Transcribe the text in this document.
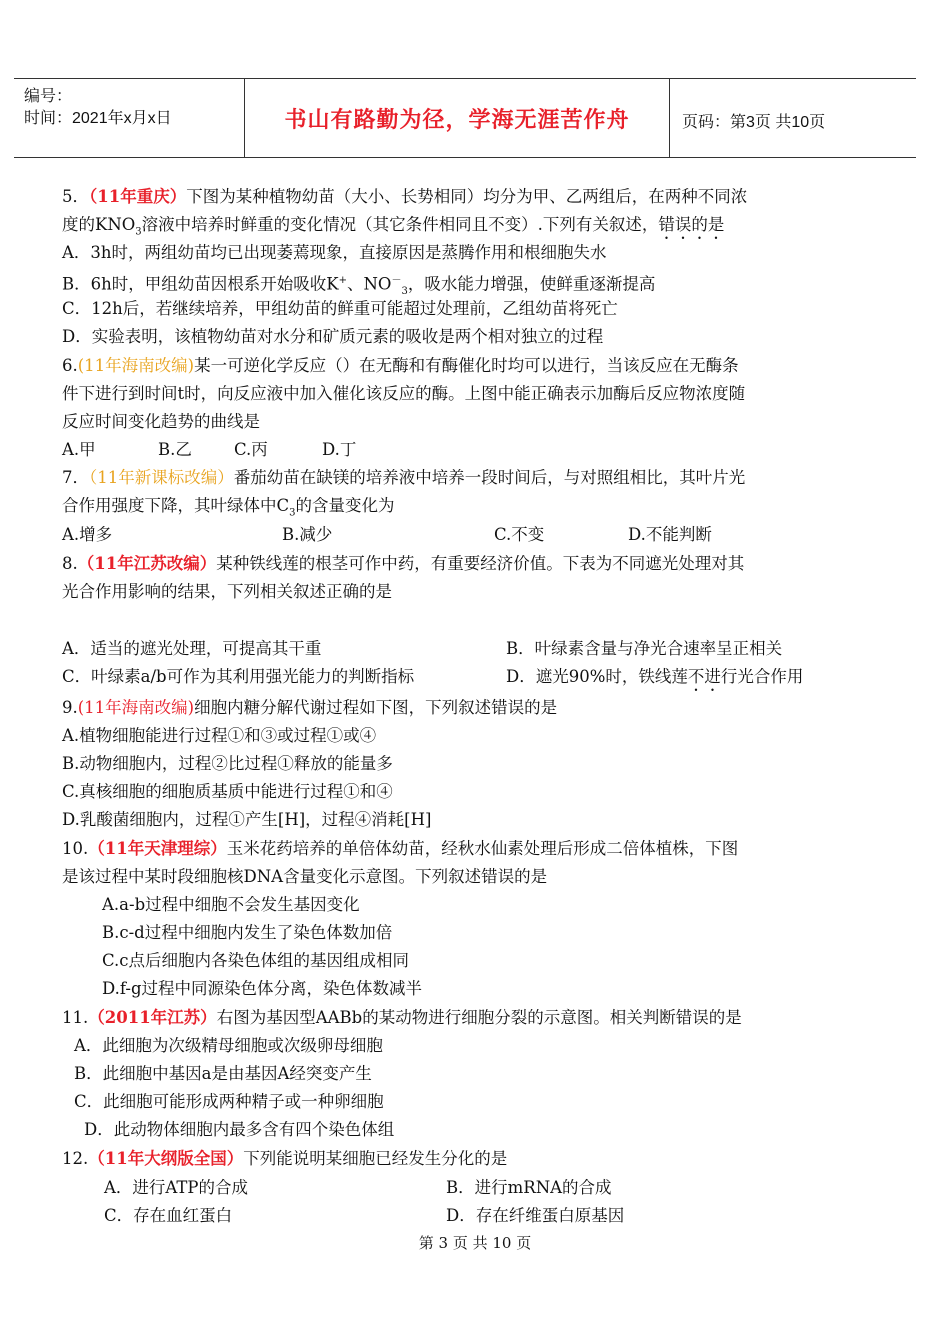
编号：
时间：2021年x月x日	书山有路勤为径，学海无涯苦作舟	页码：第3页 共10页
5．（11年重庆）下图为某种植物幼苗（大小、长势相同）均分为甲、乙两组后，在两种不同浓
度的$KNO_3$溶液中培养时鲜重的变化情况（其它条件相同且不变）.下列有关叙述，错误的是
A．3h时，两组幼苗均已出现萎蔫现象，直接原因是蒸腾作用和根细胞失水
B．6h时，甲组幼苗因根系开始吸收K+、$NO^-_3$，吸水能力增强，使鲜重逐渐提高
C．12h后，若继续培养，甲组幼苗的鲜重可能超过处理前，乙组幼苗将死亡
D．实验表明，该植物幼苗对水分和矿质元素的吸收是两个相对独立的过程
6.(11年海南改编)某一可逆化学反应（）在无酶和有酶催化时均可以进行，当该反应在无酶条
件下进行到时间t时，向反应液中加入催化该反应的酶。上图中能正确表示加酶后反应物浓度随
反应时间变化趋势的曲线是
A.甲	B.乙	C.丙	D.丁
7．（11年新课标改编）番茄幼苗在缺镁的培养液中培养一段时间后，与对照组相比，其叶片光
合作用强度下降，其叶绿体中$C_3$的含量变化为
A.增多	B.减少	C.不变	D.不能判断
8.（11年江苏改编）某种铁线莲的根茎可作中药，有重要经济价值。下表为不同遮光处理对其
光合作用影响的结果，下列相关叙述正确的是
A．适当的遮光处理，可提高其干重	B．叶绿素含量与净光合速率呈正相关
C．叶绿素a/b可作为其利用强光能力的判断指标	D．遮光90%时，铁线莲不进行光合作用
9.(11年海南改编)细胞内糖分解代谢过程如下图，下列叙述错误的是
A.植物细胞能进行过程①和③或过程①或④
B.动物细胞内，过程②比过程①释放的能量多
C.真核细胞的细胞质基质中能进行过程①和④
D.乳酸菌细胞内，过程①产生[H]，过程④消耗[H]
10.（11年天津理综）玉米花药培养的单倍体幼苗，经秋水仙素处理后形成二倍体植株，下图
是该过程中某时段细胞核DNA含量变化示意图。下列叙述错误的是
A.a-b过程中细胞不会发生基因变化
B.c-d过程中细胞内发生了染色体数加倍
C.c点后细胞内各染色体组的基因组成相同
D.f-g过程中同源染色体分离，染色体数减半
11.（2011年江苏）右图为基因型AABb的某动物进行细胞分裂的示意图。相关判断错误的是
A．此细胞为次级精母细胞或次级卵母细胞
B．此细胞中基因a是由基因A经突变产生
C．此细胞可能形成两种精子或一种卵细胞
D．此动物体细胞内最多含有四个染色体组
12.（11年大纲版全国）下列能说明某细胞已经发生分化的是
A．进行ATP的合成	B．进行mRNA的合成
C．存在血红蛋白	D．存在纤维蛋白原基因
第 3 页 共 10 页
